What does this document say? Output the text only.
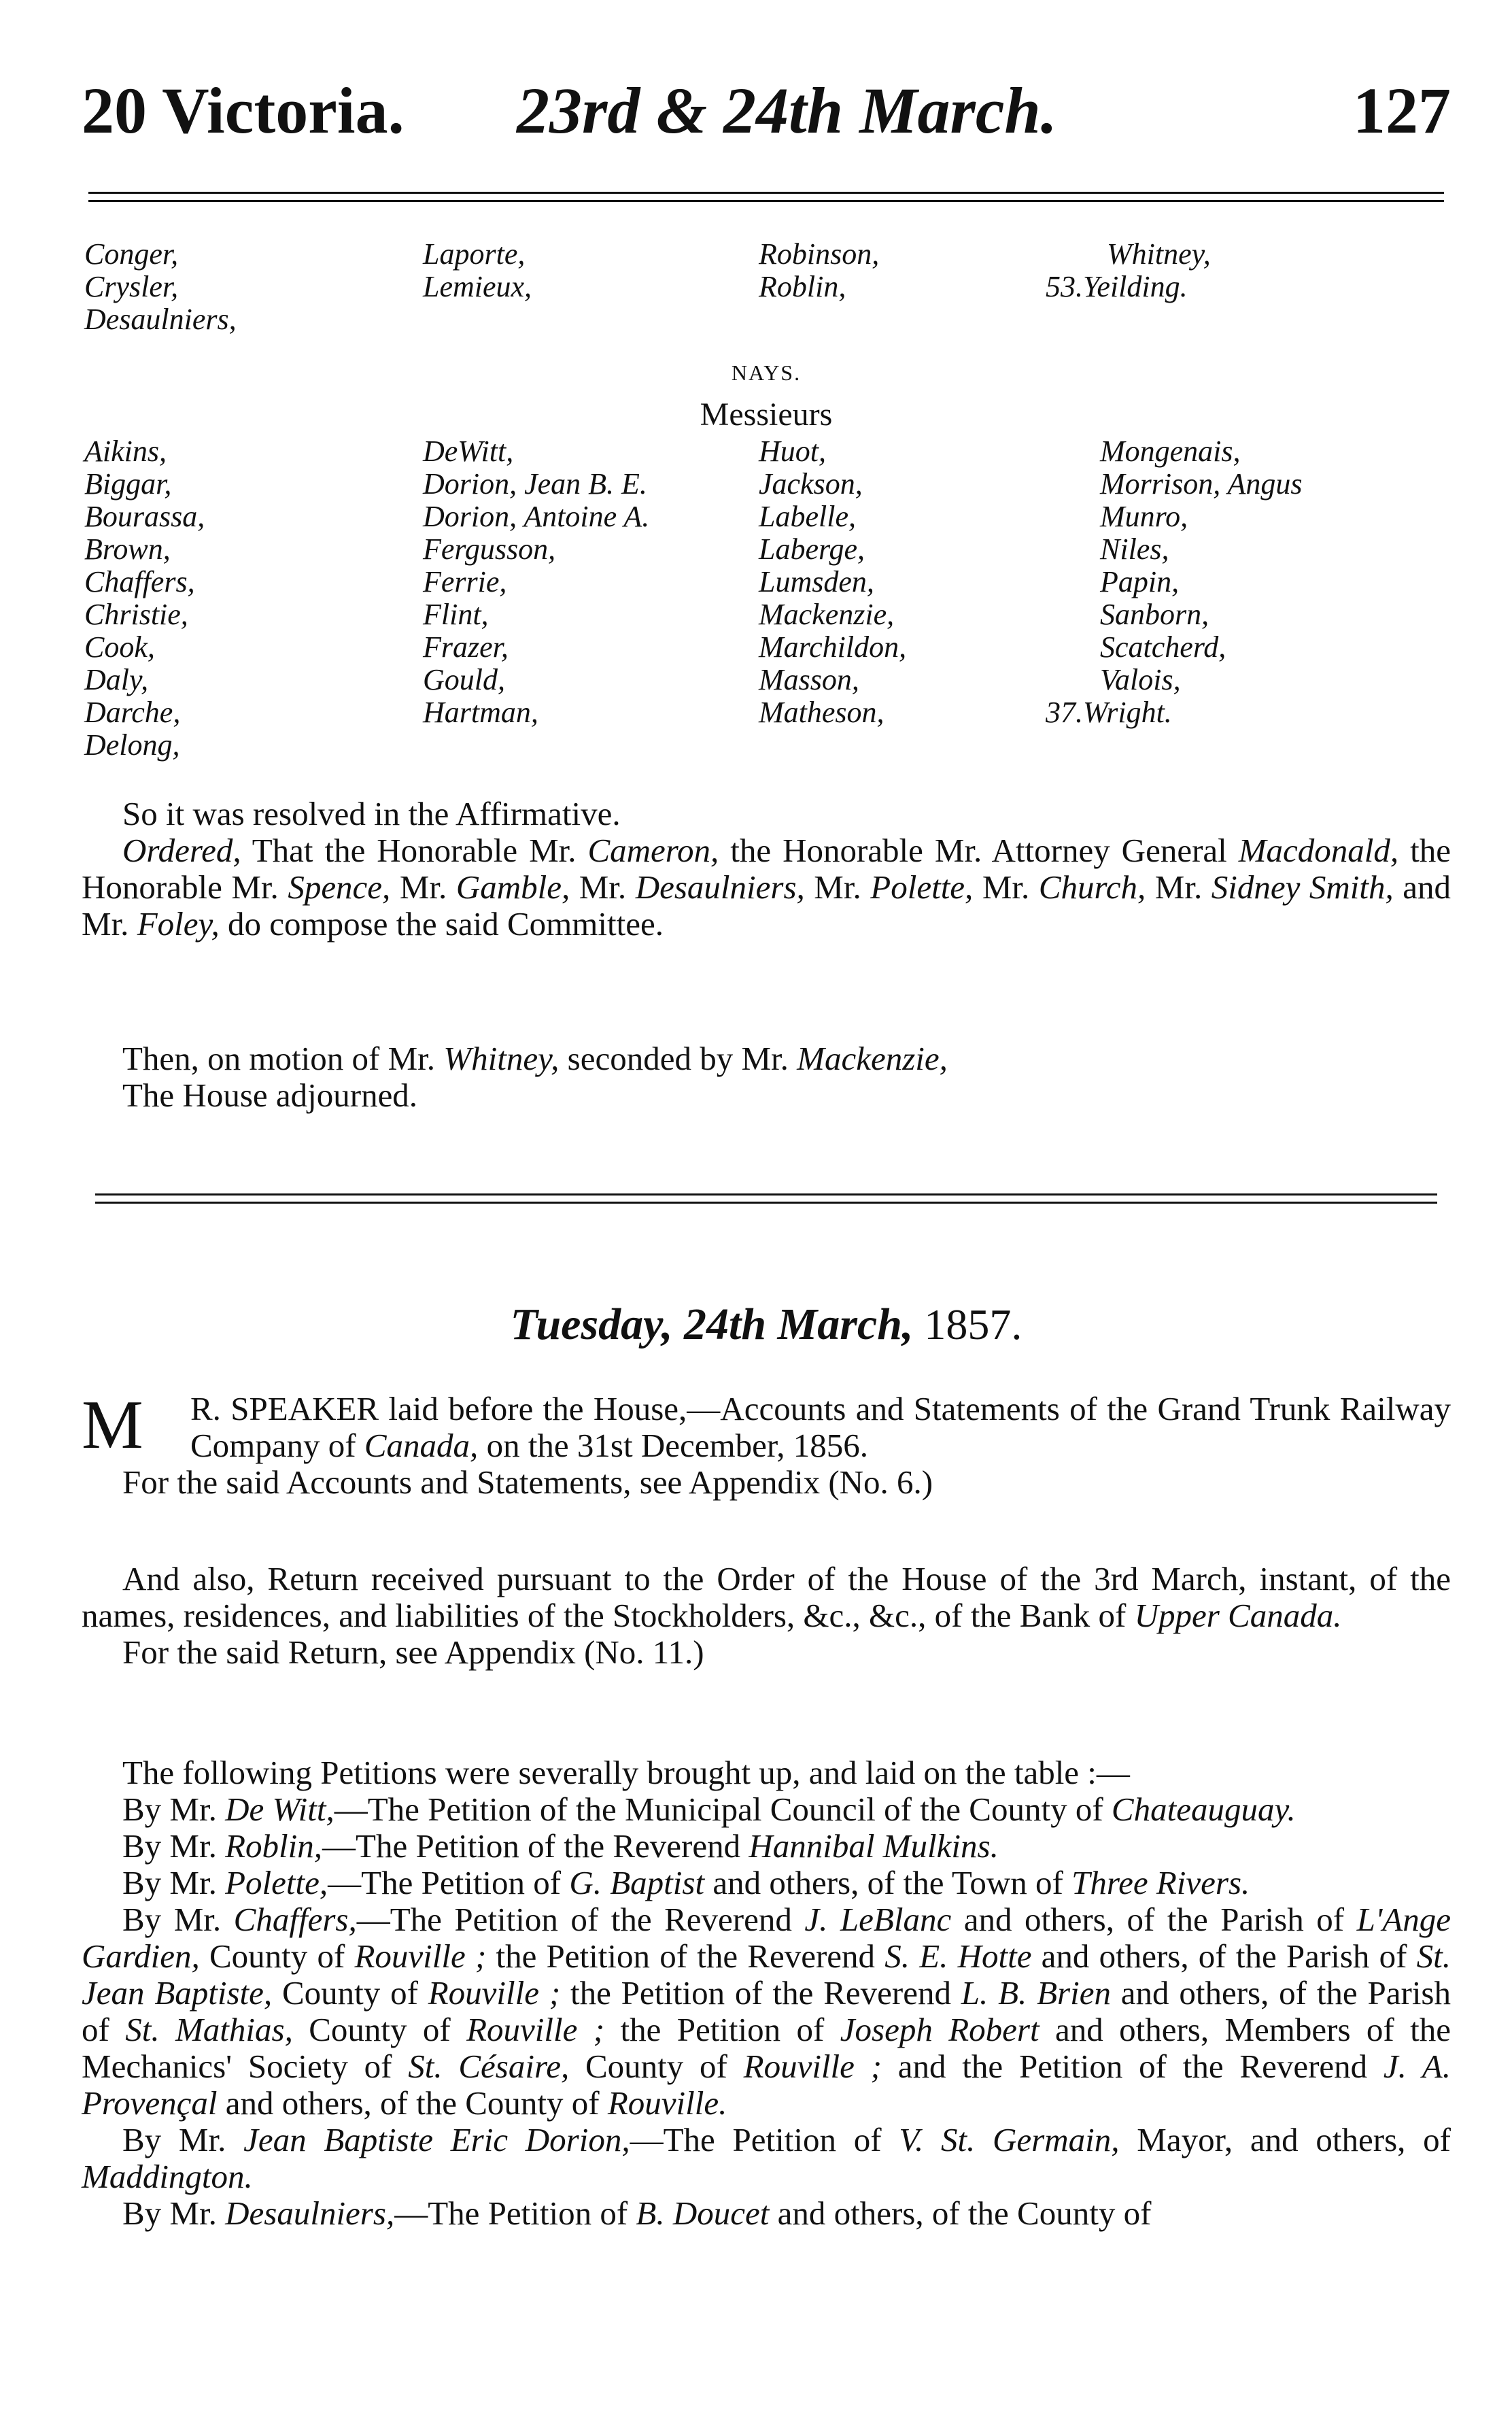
20 Victoria. 23rd & 24th March.	127
Conger,
Crysler,
Desaulniers,
Laporte,
Lemieux,
Robinson,
Roblin,
Whitney,
53.Yeilding.
NAYS.
Messieurs
Aikins,
Biggar,
Bourassa,
Brown,
Chaffers,
Christie,
Cook,
Daly,
Darche,
Delong,
DeWitt,
Dorion, Jean B. E.
Dorion, Antoine A.
Fergusson,
Ferrie,
Flint,
Frazer,
Gould,
Hartman,
Huot,
Jackson,
Labelle,
Laberge,
Lumsden,
Mackenzie,
Marchildon,
Masson,
Matheson,
Mongenais,
Morrison, Angus
Munro,
Niles,
Papin,
Sanborn,
Scatcherd,
Valois,
37.Wright.

So it was resolved in the Affirmative.

Ordered, That the Honorable Mr. Cameron, the Honorable Mr. Attorney General Macdonald, the Honorable Mr. Spence, Mr. Gamble, Mr. Desaulniers, Mr. Polette, Mr. Church, Mr. Sidney Smith, and Mr. Foley, do compose the said Committee.

Then, on motion of Mr. Whitney, seconded by Mr. Mackenzie,

The House adjourned.

Tuesday, 24th March, 1857.

M R. SPEAKER laid before the House,—Accounts and Statements of the Grand Trunk Railway Company of Canada, on the 31st December, 1856.

For the said Accounts and Statements, see Appendix (No. 6.)

And also, Return received pursuant to the Order of the House of the 3rd March, instant, of the names, residences, and liabilities of the Stockholders, &c., &c., of the Bank of Upper Canada.

For the said Return, see Appendix (No. 11.)

The following Petitions were severally brought up, and laid on the table :—

By Mr. De Witt,—The Petition of the Municipal Council of the County of Chateauguay.

By Mr. Roblin,—The Petition of the Reverend Hannibal Mulkins.

By Mr. Polette,—The Petition of G. Baptist and others, of the Town of Three Rivers.

By Mr. Chaffers,—The Petition of the Reverend J. LeBlanc and others, of the Parish of L'Ange Gardien, County of Rouville ; the Petition of the Reverend S. E. Hotte and others, of the Parish of St. Jean Baptiste, County of Rouville ; the Petition of the Reverend L. B. Brien and others, of the Parish of St. Mathias, County of Rouville ; the Petition of Joseph Robert and others, Members of the Mechanics' Society of St. Césaire, County of Rouville ; and the Petition of the Reverend J. A. Provençal and others, of the County of Rouville.

By Mr. Jean Baptiste Eric Dorion,—The Petition of V. St. Germain, Mayor, and others, of Maddington.

By Mr. Desaulniers,—The Petition of B. Doucet and others, of the County of
